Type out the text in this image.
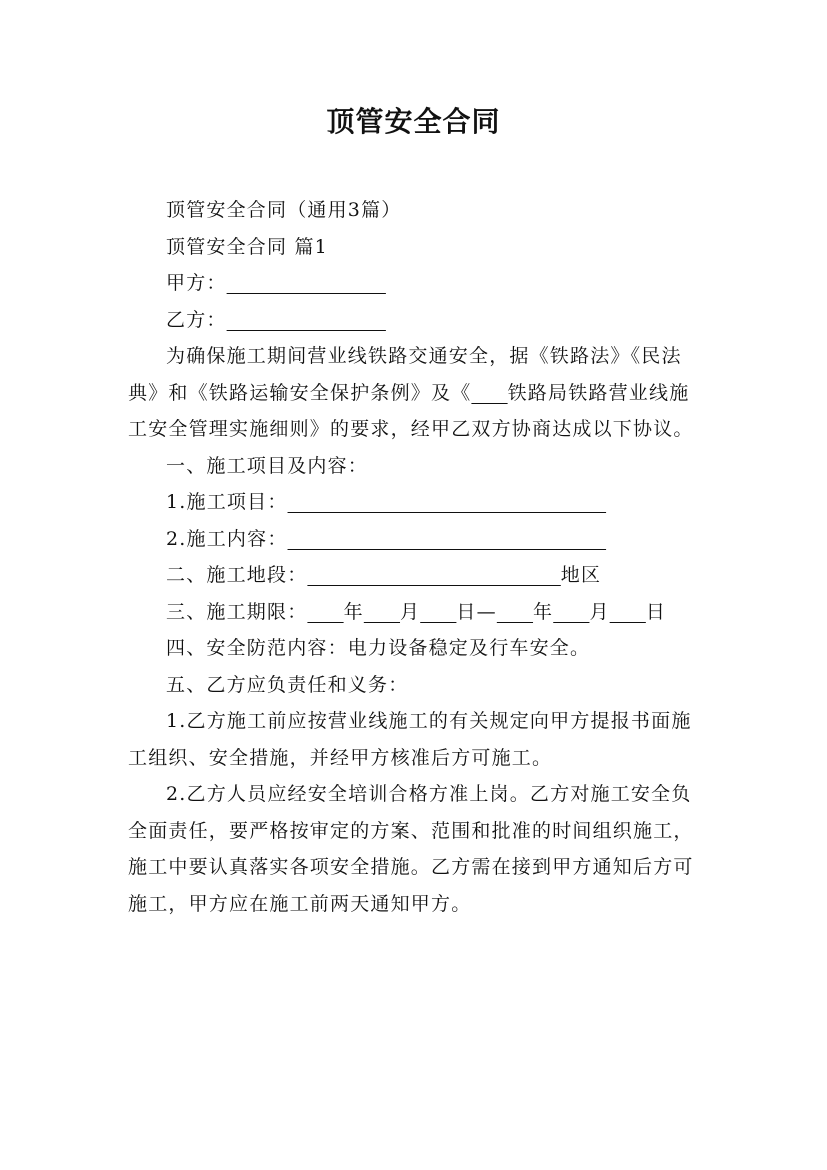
顶管安全合同

顶管安全合同（通用3篇）

顶管安全合同 篇1

甲方：

乙方：

为确保施工期间营业线铁路交通安全，据《铁路法》《民法典》和《铁路运输安全保护条例》及《 铁路局铁路营业线施工安全管理实施细则》的要求，经甲乙双方协商达成以下协议。

一、施工项目及内容：

1.施工项目：

2.施工内容：

二、施工地段：	地区

三、施工期限： 年 月 日— 年 月 日

四、安全防范内容：电力设备稳定及行车安全。

五、乙方应负责任和义务：

1.乙方施工前应按营业线施工的有关规定向甲方提报书面施工组织、安全措施，并经甲方核准后方可施工。

2.乙方人员应经安全培训合格方准上岗。乙方对施工安全负全面责任，要严格按审定的方案、范围和批准的时间组织施工，施工中要认真落实各项安全措施。乙方需在接到甲方通知后方可施工，甲方应在施工前两天通知甲方。
